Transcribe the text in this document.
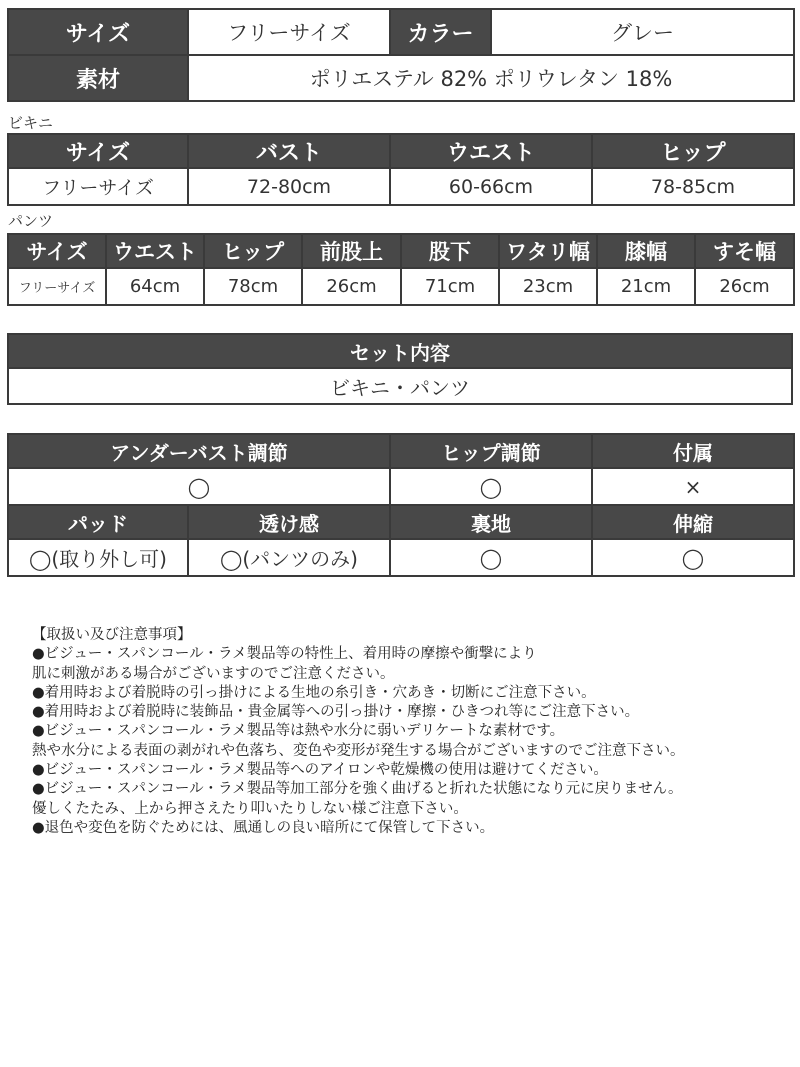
サイズ	フリーサイズ	カラー	グレー
素材	ポリエステル 82% ポリウレタン 18%		
ビキニ
サイズ	バスト	ウエスト	ヒップ
フリーサイズ	72-80cm	60-66cm	78-85cm
パンツ
サイズ	ウエスト	ヒップ	前股上	股下	ワタリ幅	膝幅	すそ幅
フリーサイズ	64cm	78cm	26cm	71cm	23cm	21cm	26cm
セット内容
ビキニ・パンツ
アンダーバスト調節		ヒップ調節	付属
◯		◯	×
パッド	透け感	裏地	伸縮
◯(取り外し可)	◯(パンツのみ)	◯	◯
【取扱い及び注意事項】
●ビジュー・スパンコール・ラメ製品等の特性上、着用時の摩擦や衝撃により
肌に刺激がある場合がございますのでご注意ください。
●着用時および着脱時の引っ掛けによる生地の糸引き・穴あき・切断にご注意下さい。
●着用時および着脱時に装飾品・貴金属等への引っ掛け・摩擦・ひきつれ等にご注意下さい。
●ビジュー・スパンコール・ラメ製品等は熱や水分に弱いデリケートな素材です。
熱や水分による表面の剥がれや色落ち、変色や変形が発生する場合がございますのでご注意下さい。
●ビジュー・スパンコール・ラメ製品等へのアイロンや乾燥機の使用は避けてください。
●ビジュー・スパンコール・ラメ製品等加工部分を強く曲げると折れた状態になり元に戻りません。
優しくたたみ、上から押さえたり叩いたりしない様ご注意下さい。
●退色や変色を防ぐためには、風通しの良い暗所にて保管して下さい。
